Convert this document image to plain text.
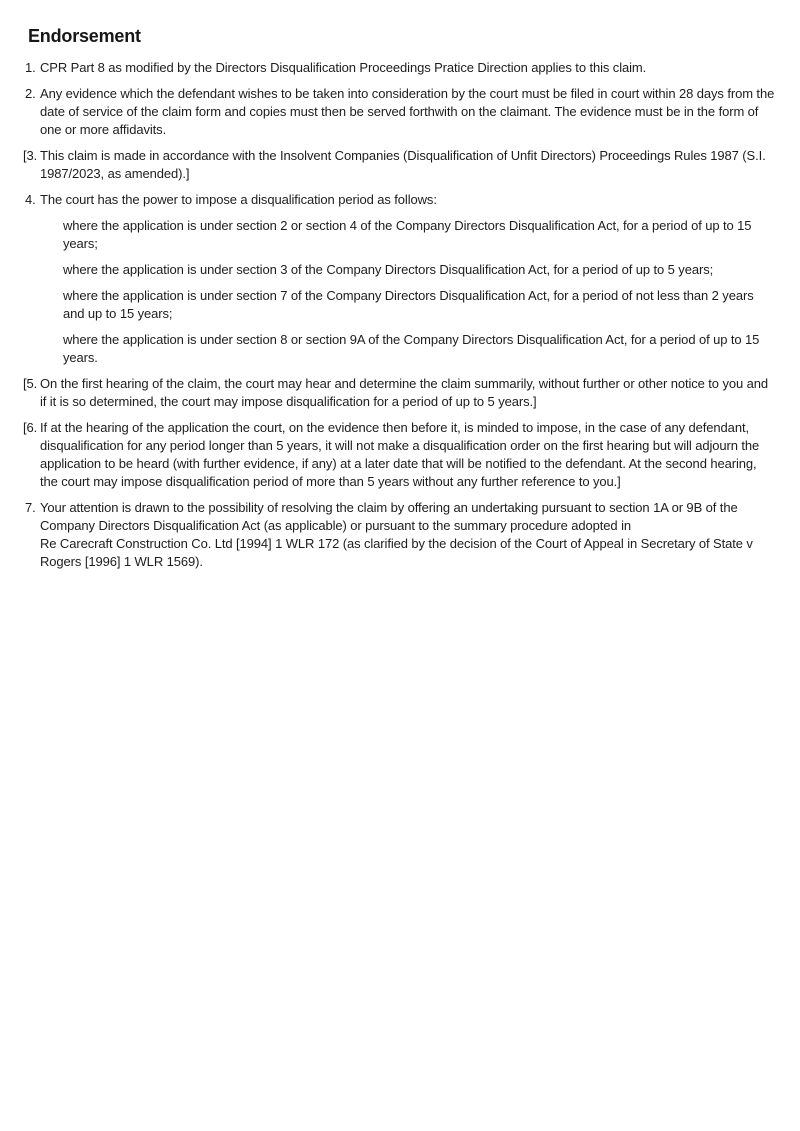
Endorsement
1. CPR Part 8 as modified by the Directors Disqualification Proceedings Pratice Direction applies to this claim.

2. Any evidence which the defendant wishes to be taken into consideration by the court must be filed in court within 28 days from the date of service of the claim form and copies must then be served forthwith on the claimant. The evidence must be in the form of one or more affidavits.

[3. This claim is made in accordance with the Insolvent Companies (Disqualification of Unfit Directors) Proceedings Rules 1987 (S.I. 1987/2023, as amended).]

4. The court has the power to impose a disqualification period as follows:

where the application is under section 2 or section 4 of the Company Directors Disqualification Act, for a period of up to 15 years;

where the application is under section 3 of the Company Directors Disqualification Act, for a period of up to 5 years;

where the application is under section 7 of the Company Directors Disqualification Act, for a period of not less than 2 years and up to 15 years;

where the application is under section 8 or section 9A of the Company Directors Disqualification Act, for a period of up to 15 years.

[5. On the first hearing of the claim, the court may hear and determine the claim summarily, without further or other notice to you and if it is so determined, the court may impose disqualification for a period of up to 5 years.]

[6. If at the hearing of the application the court, on the evidence then before it, is minded to impose, in the case of any defendant, disqualification for any period longer than 5 years, it will not make a disqualification order on the first hearing but will adjourn the application to be heard (with further evidence, if any) at a later date that will be notified to the defendant. At the second hearing, the court may impose disqualification period of more than 5 years without any further reference to you.]

7. Your attention is drawn to the possibility of resolving the claim by offering an undertaking pursuant to section 1A or 9B of the Company Directors Disqualification Act (as applicable) or pursuant to the summary procedure adopted in

Re Carecraft Construction Co. Ltd [1994] 1 WLR 172 (as clarified by the decision of the Court of Appeal in Secretary of State v Rogers [1996] 1 WLR 1569).
